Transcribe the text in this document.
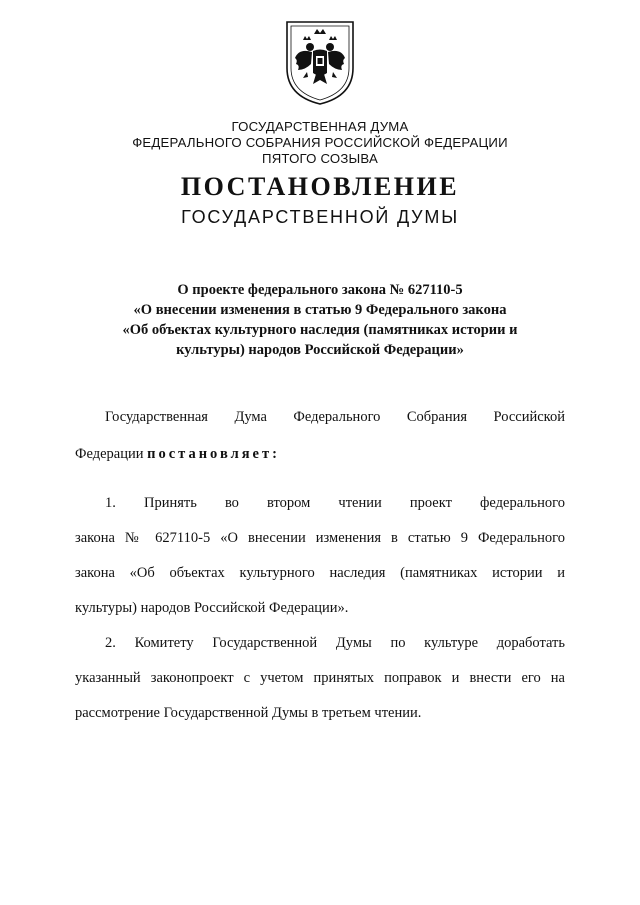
ГОСУДАРСТВЕННАЯ ДУМА
ФЕДЕРАЛЬНОГО СОБРАНИЯ РОССИЙСКОЙ ФЕДЕРАЦИИ
ПЯТОГО СОЗЫВА
ПОСТАНОВЛЕНИЕ
ГОСУДАРСТВЕННОЙ ДУМЫ
О проекте федерального закона № 627110-5
«О внесении изменения в статью 9 Федерального закона
«Об объектах культурного наследия (памятниках истории и
культуры) народов Российской Федерации»
Государственная Дума Федерального Собрания Российской
Федерации постановляет:
1. Принять во втором чтении проект федерального
закона № 627110-5 «О внесении изменения в статью 9 Федерального
закона «Об объектах культурного наследия (памятниках истории и
культуры) народов Российской Федерации».
2. Комитету Государственной Думы по культуре доработать
указанный законопроект с учетом принятых поправок и внести его на
рассмотрение Государственной Думы в третьем чтении.
